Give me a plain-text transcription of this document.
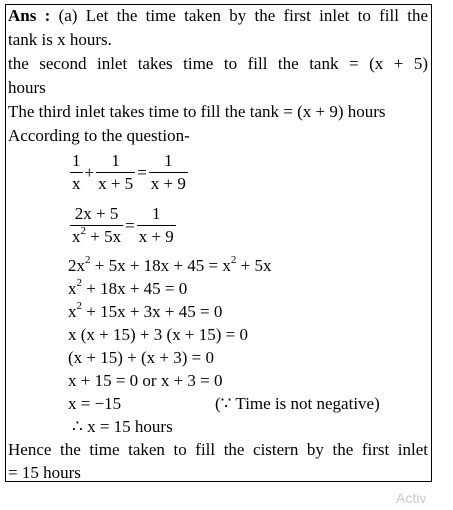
Ans : (a) Let the time taken by the first inlet to fill the
tank is x hours.
the second inlet takes time to fill the tank = (x + 5)
hours
The third inlet takes time to fill the tank = (x + 9) hours
According to the question-
$\frac{1}{x} + \frac{1}{x + 5} = \frac{1}{x + 9}$
$\frac{2x + 5}{x^2 + 5x} = \frac{1}{x + 9}$
$2x^2 + 5x + 18x + 45 = x^2 + 5x$
$x^2 + 18x + 45 = 0$
$x^2 + 15x + 3x + 45 = 0$
x (x + 15) + 3 (x + 15) = 0
(x + 15) + (x + 3) = 0
x + 15 = 0 or x + 3 = 0
x = −15	(∵ Time is not negative)
∴ x = 15 hours
Hence the time taken to fill the cistern by the first inlet
= 15 hours
Activ
